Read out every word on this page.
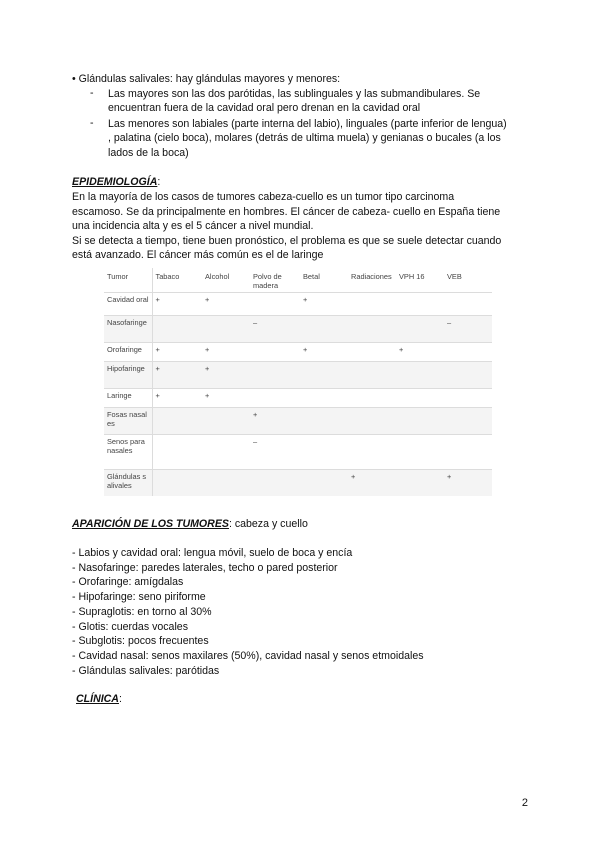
• Glándulas salivales: hay glándulas mayores y menores:
- Las mayores son las dos parótidas, las sublinguales y las submandibulares. Se
encuentran fuera de la cavidad oral pero drenan en la cavidad oral
- Las menores son labiales (parte interna del labio), linguales (parte inferior de lengua)
, palatina (cielo boca), molares (detrás de ultima muela) y genianas o bucales (a los
lados de la boca)
EPIDEMIOLOGÍA:
En la mayoría de los casos de tumores cabeza-cuello es un tumor tipo carcinoma
escamoso. Se da principalmente en hombres. El cáncer de cabeza- cuello en España tiene
una incidencia alta y es el 5 cáncer a nivel mundial.
Si se detecta a tiempo, tiene buen pronóstico, el problema es que se suele detectar cuando
está avanzado. El cáncer más común es el de laringe
Tumor	Tabaco	Alcohol	Polvo de madera	Betal	Radiaciones	VPH 16	VEB
Cavidad oral	+	+		+			
Nasofaringe			–				–
Orofaringe	+	+		+		+	
Hipofaringe	+	+					
Laringe	+	+					
Fosas nasales			+				
Senos paranasales			–				
Glándulas salivales					+		+
APARICIÓN DE LOS TUMORES: cabeza y cuello
- Labios y cavidad oral: lengua móvil, suelo de boca y encía
- Nasofaringe: paredes laterales, techo o pared posterior
- Orofaringe: amígdalas
- Hipofaringe: seno piriforme
- Supraglotis: en torno al 30%
- Glotis: cuerdas vocales
- Subglotis: pocos frecuentes
- Cavidad nasal: senos maxilares (50%), cavidad nasal y senos etmoidales
- Glándulas salivales: parótidas
CLÍNICA:
2
